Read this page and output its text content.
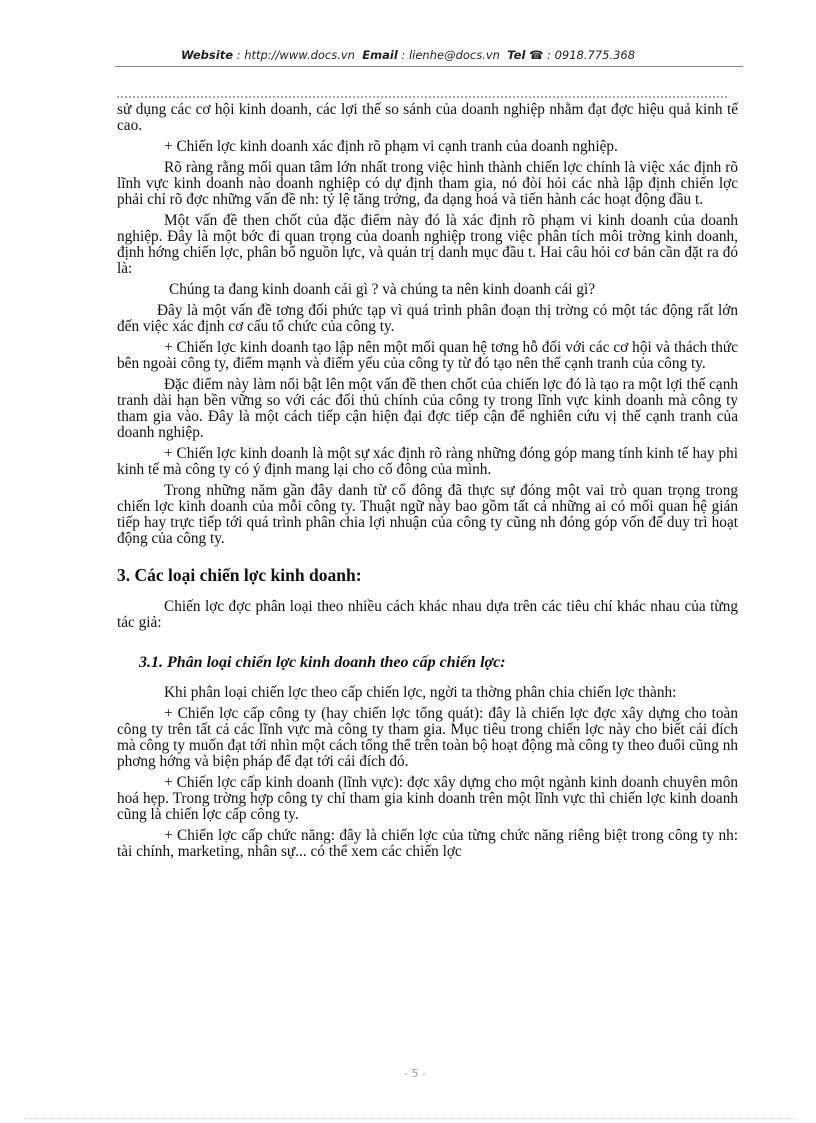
Website : http://www.docs.vn Email : lienhe@docs.vn Tel ☎ : 0918.775.368

sử dụng các cơ hội kinh doanh, các lợi thế so sánh của doanh nghiệp nhằm đạt đợc hiệu quả kinh tế cao.

+ Chiến lợc kinh doanh xác định rõ phạm vi cạnh tranh của doanh nghiệp.

Rõ ràng rằng mối quan tâm lớn nhất trong việc hình thành chiến lợc chính là việc xác định rõ lĩnh vực kinh doanh nào doanh nghiệp có dự định tham gia, nó đòi hỏi các nhà lập định chiến lợc phải chỉ rõ đợc những vấn đề nh: tỷ lệ tăng trởng, đa dạng hoá và tiến hành các hoạt động đầu t.

Một vấn đề then chốt của đặc điểm này đó là xác định rõ phạm vi kinh doanh của doanh nghiệp. Đây là một bớc đi quan trọng của doanh nghiệp trong việc phân tích môi trờng kinh doanh, định hớng chiến lợc, phân bổ nguồn lực, và quản trị danh mục đầu t. Hai câu hỏi cơ bản cần đặt ra đó là:

Chúng ta đang kinh doanh cái gì ? và chúng ta nên kinh doanh cái gì?

Đây là một vấn đề tơng đối phức tạp vì quá trình phân đoạn thị trờng có một tác động rất lớn đến việc xác định cơ cấu tổ chức của công ty.

+ Chiến lợc kinh doanh tạo lập nên một mối quan hệ tơng hỗ đối với các cơ hội và thách thức bên ngoài công ty, điểm mạnh và điểm yếu của công ty từ đó tạo nên thế cạnh tranh của công ty.

Đặc điểm này làm nổi bật lên một vấn đề then chốt của chiến lợc đó là tạo ra một lợi thế cạnh tranh dài hạn bền vững so với các đối thủ chính của công ty trong lĩnh vực kinh doanh mà công ty tham gia vào. Đây là một cách tiếp cận hiện đại đợc tiếp cận để nghiên cứu vị thế cạnh tranh của doanh nghiệp.

+ Chiến lợc kinh doanh là một sự xác định rõ ràng những đóng góp mang tính kinh tế hay phi kinh tế mà công ty có ý định mang lại cho cổ đông của mình.

Trong những năm gần đây danh từ cổ đông đã thực sự đóng một vai trò quan trọng trong chiến lợc kinh doanh của mỗi công ty. Thuật ngữ này bao gồm tất cả những ai có mối quan hệ gián tiếp hay trực tiếp tới quá trình phân chia lợi nhuận của công ty cũng nh đóng góp vốn để duy trì hoạt động của công ty.

3. Các loại chiến lợc kinh doanh:

Chiến lợc đợc phân loại theo nhiều cách khác nhau dựa trên các tiêu chí khác nhau của từng tác giả:

3.1. Phân loại chiến lợc kinh doanh theo cấp chiến lợc:

Khi phân loại chiến lợc theo cấp chiến lợc, ngời ta thờng phân chia chiến lợc thành:

+ Chiến lợc cấp công ty (hay chiến lợc tổng quát): đây là chiến lợc đợc xây dựng cho toàn công ty trên tất cả các lĩnh vực mà công ty tham gia. Mục tiêu trong chiến lợc này cho biết cái đích mà công ty muốn đạt tới nhìn một cách tổng thể trên toàn bộ hoạt động mà công ty theo đuổi cũng nh phơng hớng và biện pháp để đạt tới cái đích đó.

+ Chiến lợc cấp kinh doanh (lĩnh vực): đợc xây dựng cho một ngành kinh doanh chuyên môn hoá hẹp. Trong trờng hợp công ty chỉ tham gia kinh doanh trên một lĩnh vực thì chiến lợc kinh doanh cũng là chiến lợc cấp công ty.

+ Chiến lợc cấp chức năng: đây là chiến lợc của từng chức năng riêng biệt trong công ty nh: tài chính, marketing, nhân sự... có thể xem các chiến lợc

- 5 -
